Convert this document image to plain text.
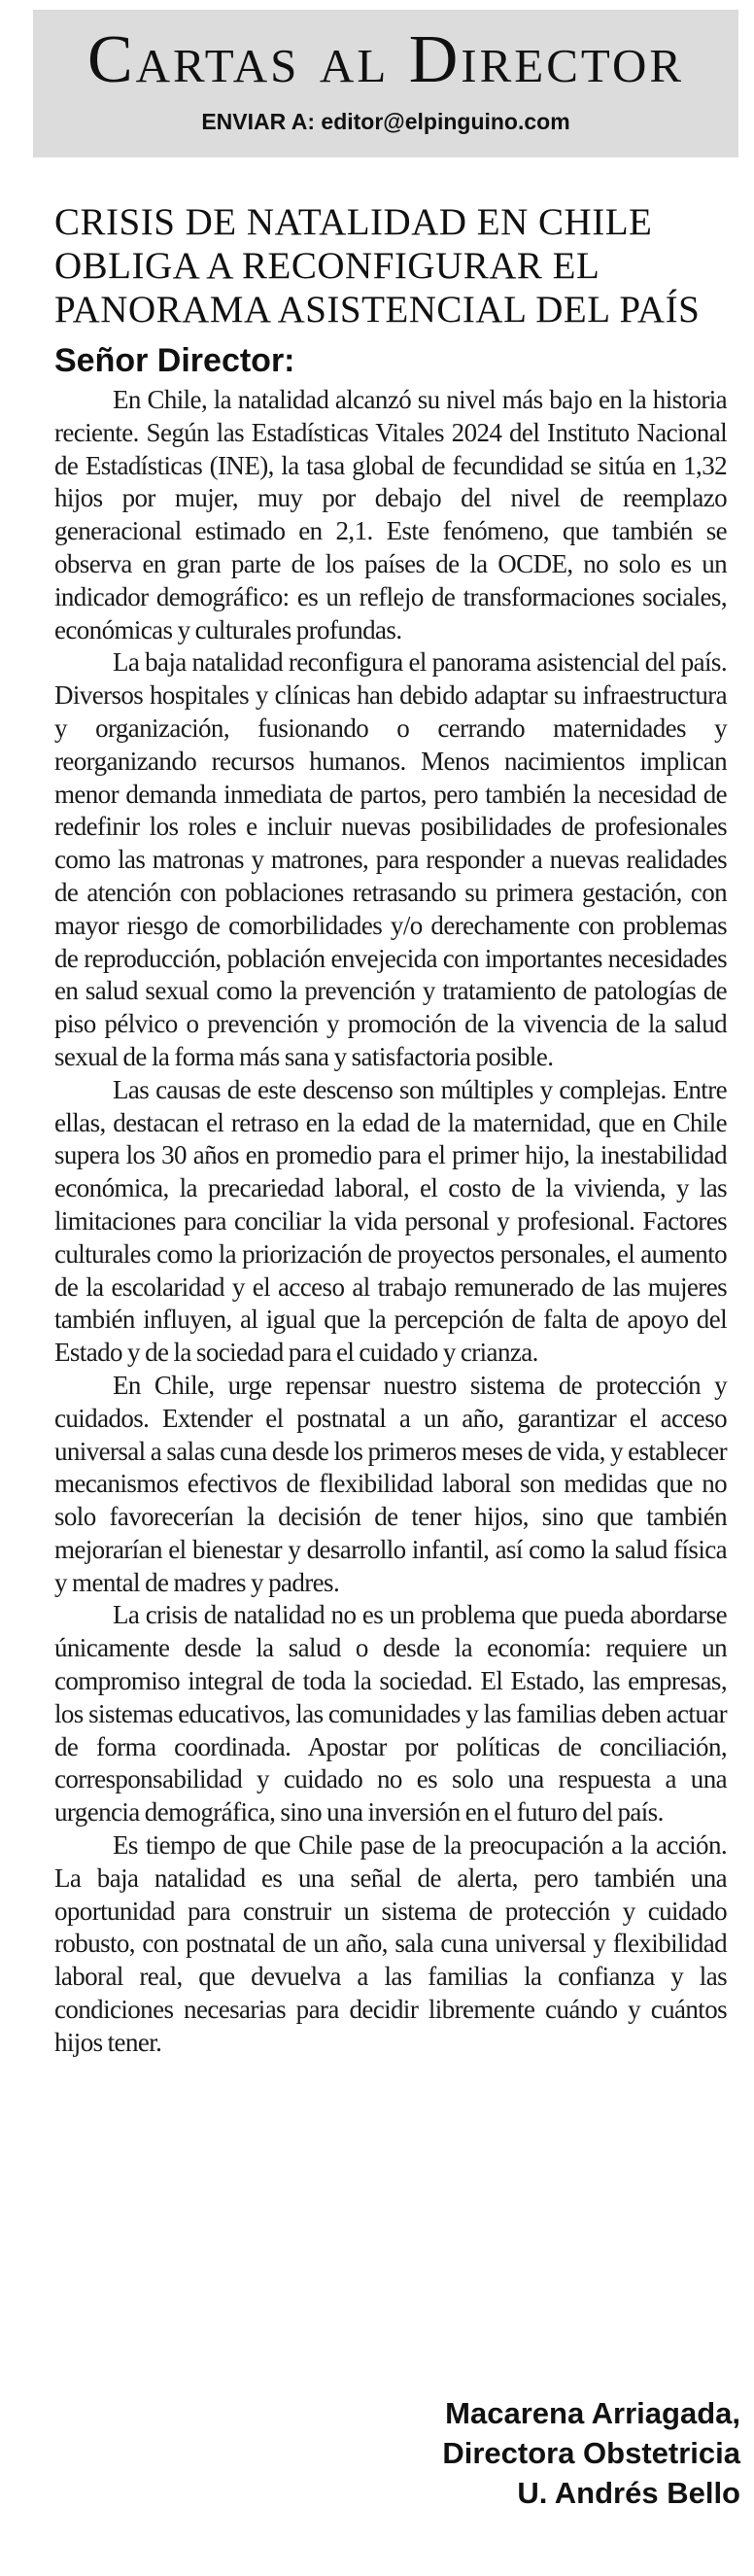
Cartas al Director
ENVIAR A: editor@elpinguino.com
CRISIS DE NATALIDAD EN CHILE OBLIGA A RECONFIGURAR EL PANORAMA ASISTENCIAL DEL PAÍS
Señor Director:

En Chile, la natalidad alcanzó su nivel más bajo en la historia reciente. Según las Estadísticas Vitales 2024 del Instituto Nacional de Estadísticas (INE), la tasa global de fecundidad se sitúa en 1,32 hijos por mujer, muy por debajo del nivel de reemplazo generacional estimado en 2,1. Este fenómeno, que también se observa en gran parte de los países de la OCDE, no solo es un indicador demográfico: es un reflejo de transformaciones sociales, económicas y culturales profundas.

La baja natalidad reconfigura el panorama asistencial del país. Diversos hospitales y clínicas han debido adaptar su infraestructura y organización, fusionando o cerrando maternidades y reorganizando recursos humanos. Menos nacimientos implican menor demanda inmediata de partos, pero también la necesidad de redefinir los roles e incluir nuevas posibilidades de profesionales como las matronas y matrones, para responder a nuevas realidades de atención con poblaciones retrasando su primera gestación, con mayor riesgo de comorbilidades y/o derechamente con problemas de reproducción, población envejecida con importantes necesidades en salud sexual como la prevención y tratamiento de patologías de piso pélvico o prevención y promoción de la vivencia de la salud sexual de la forma más sana y satisfactoria posible.

Las causas de este descenso son múltiples y complejas. Entre ellas, destacan el retraso en la edad de la maternidad, que en Chile supera los 30 años en promedio para el primer hijo, la inestabilidad económica, la precariedad laboral, el costo de la vivienda, y las limitaciones para conciliar la vida personal y profesional. Factores culturales como la priorización de proyectos personales, el aumento de la escolaridad y el acceso al trabajo remunerado de las mujeres también influyen, al igual que la percepción de falta de apoyo del Estado y de la sociedad para el cuidado y crianza.

En Chile, urge repensar nuestro sistema de protección y cuidados. Extender el postnatal a un año, garantizar el acceso universal a salas cuna desde los primeros meses de vida, y establecer mecanismos efectivos de flexibilidad laboral son medidas que no solo favorecerían la decisión de tener hijos, sino que también mejorarían el bienestar y desarrollo infantil, así como la salud física y mental de madres y padres.

La crisis de natalidad no es un problema que pueda abordarse únicamente desde la salud o desde la economía: requiere un compromiso integral de toda la sociedad. El Estado, las empresas, los sistemas educativos, las comunidades y las familias deben actuar de forma coordinada. Apostar por políticas de conciliación, corresponsabilidad y cuidado no es solo una respuesta a una urgencia demográfica, sino una inversión en el futuro del país.

Es tiempo de que Chile pase de la preocupación a la acción. La baja natalidad es una señal de alerta, pero también una oportunidad para construir un sistema de protección y cuidado robusto, con postnatal de un año, sala cuna universal y flexibilidad laboral real, que devuelva a las familias la confianza y las condiciones necesarias para decidir libremente cuándo y cuántos hijos tener.

Macarena Arriagada,
Directora Obstetricia
U. Andrés Bello
